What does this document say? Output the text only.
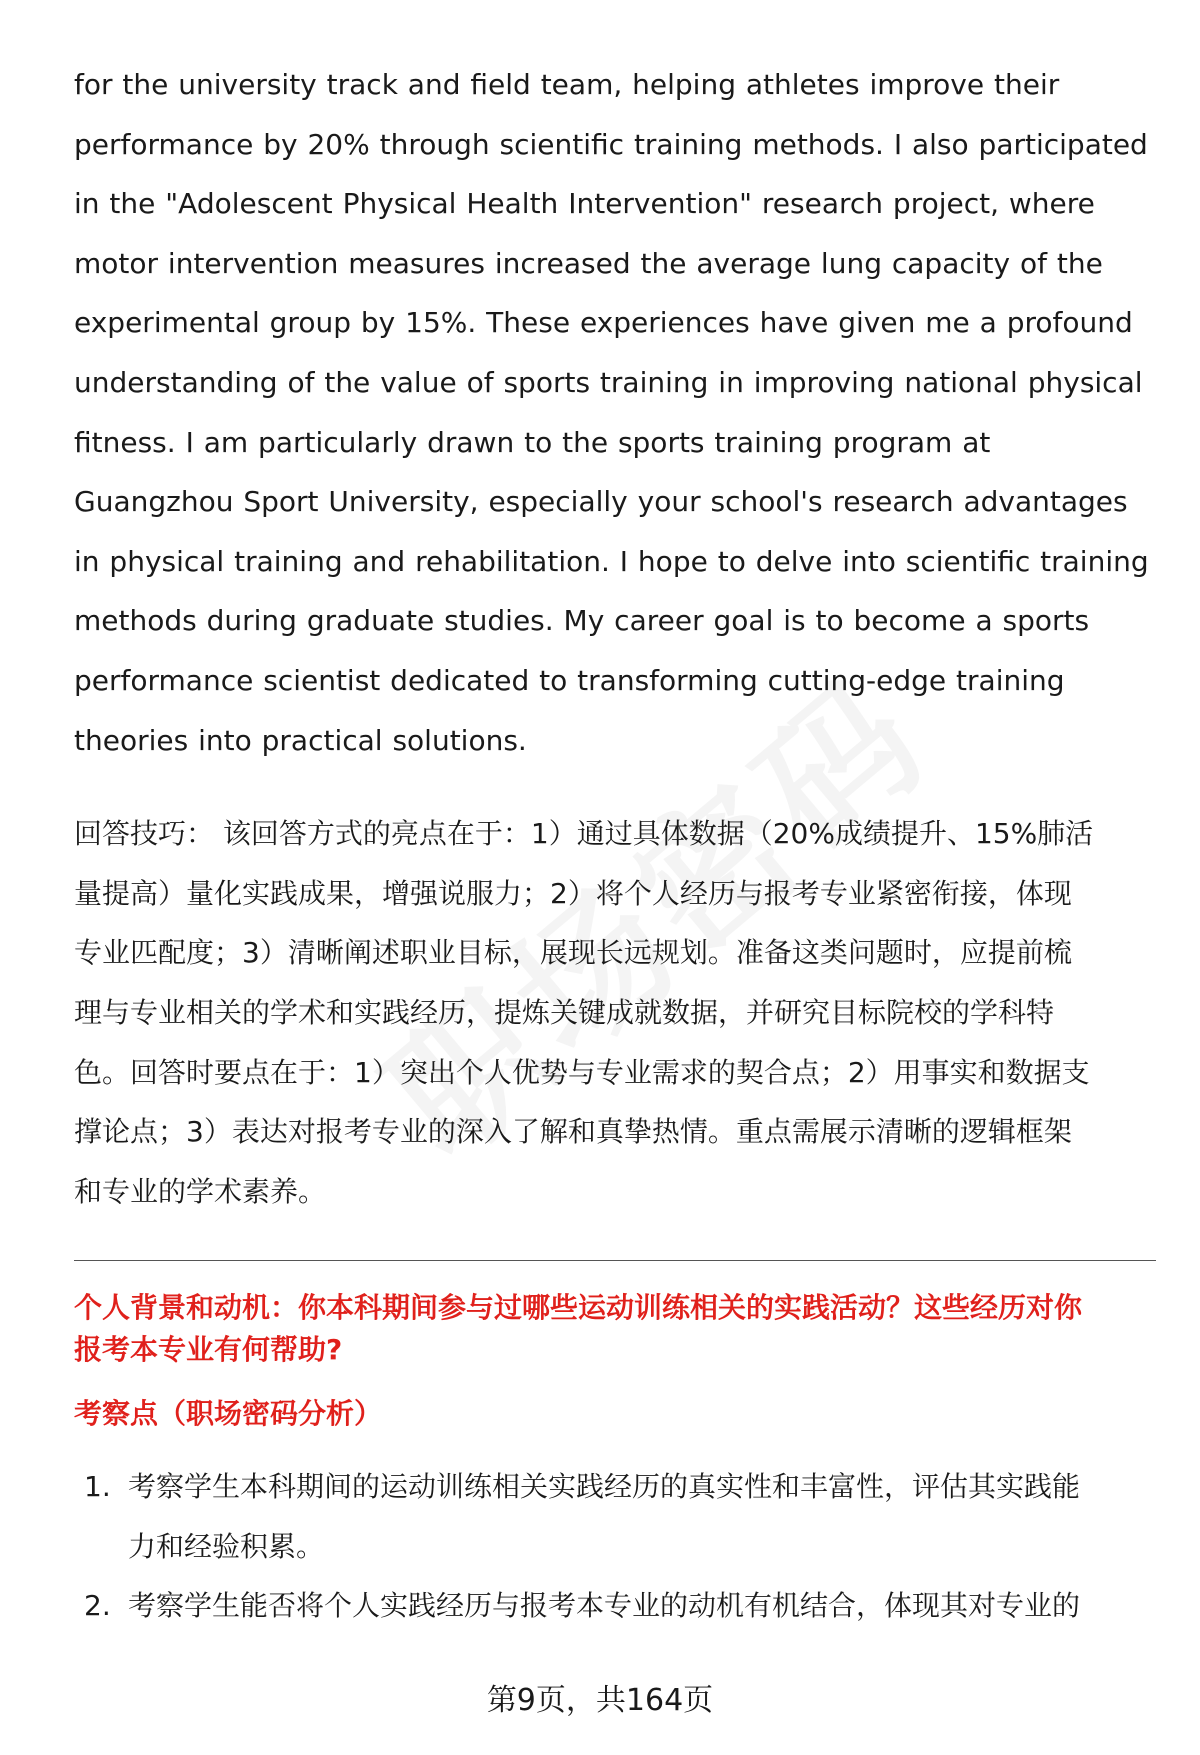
for the university track and field team, helping athletes improve their
performance by 20% through scientific training methods. I also participated
in the "Adolescent Physical Health Intervention" research project, where
motor intervention measures increased the average lung capacity of the
experimental group by 15%. These experiences have given me a profound
understanding of the value of sports training in improving national physical
fitness. I am particularly drawn to the sports training program at
Guangzhou Sport University, especially your school's research advantages
in physical training and rehabilitation. I hope to delve into scientific training
methods during graduate studies. My career goal is to become a sports
performance scientist dedicated to transforming cutting-edge training
theories into practical solutions.

回答技巧： 该回答方式的亮点在于：1）通过具体数据（20%成绩提升、15%肺活
量提高）量化实践成果，增强说服力；2）将个人经历与报考专业紧密衔接，体现
专业匹配度；3）清晰阐述职业目标，展现长远规划。准备这类问题时，应提前梳
理与专业相关的学术和实践经历，提炼关键成就数据，并研究目标院校的学科特
色。回答时要点在于：1）突出个人优势与专业需求的契合点；2）用事实和数据支
撑论点；3）表达对报考专业的深入了解和真挚热情。重点需展示清晰的逻辑框架
和专业的学术素养。

个人背景和动机：你本科期间参与过哪些运动训练相关的实践活动？这些经历对你
报考本专业有何帮助?

考察点（职场密码分析）

1. 考察学生本科期间的运动训练相关实践经历的真实性和丰富性，评估其实践能
力和经验积累。
2. 考察学生能否将个人实践经历与报考本专业的动机有机结合，体现其对专业的
第9页，共164页
